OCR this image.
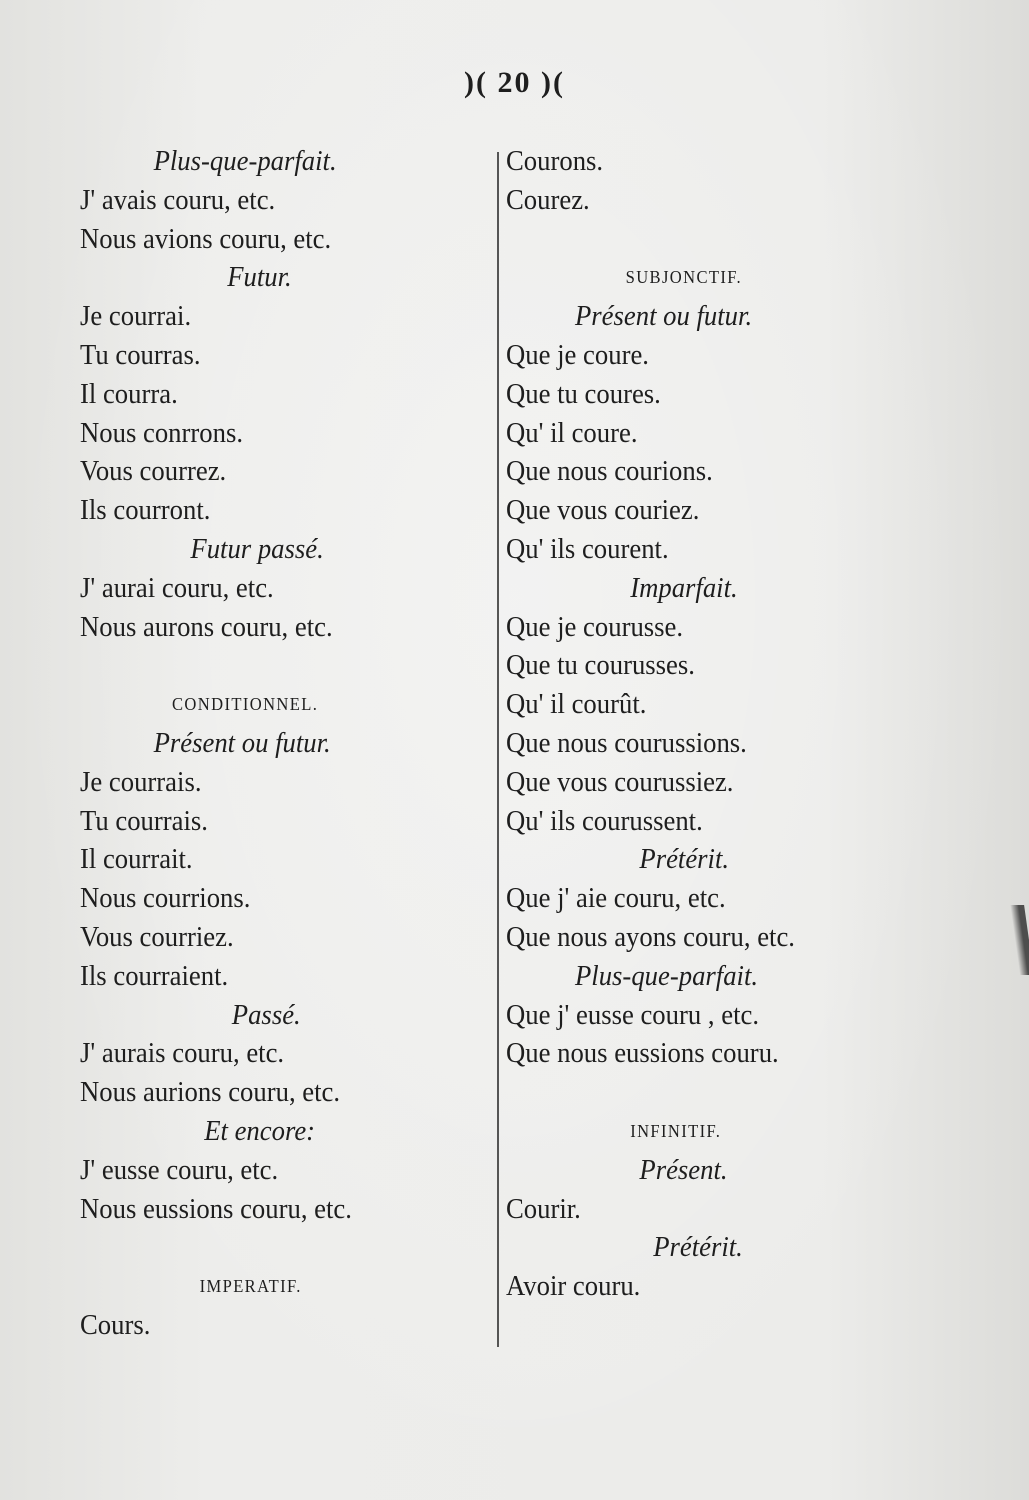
)( 20 )(
Plus-que-parfait.
J' avais couru, etc.
Nous avions couru, etc.
Futur.
Je courrai.
Tu courras.
Il courra.
Nous conrrons.
Vous courrez.
Ils courront.
Futur passé.
J' aurai couru, etc.
Nous aurons couru, etc.
CONDITIONNEL.
Présent ou futur.
Je courrais.
Tu courrais.
Il courrait.
Nous courrions.
Vous courriez.
Ils courraient.
Passé.
J' aurais couru, etc.
Nous aurions couru, etc.
Et encore:
J' eusse couru, etc.
Nous eussions couru, etc.
IMPERATIF.
Cours.
Courons.
Courez.
SUBJONCTIF.
Présent ou futur.
Que je coure.
Que tu coures.
Qu' il coure.
Que nous courions.
Que vous couriez.
Qu' ils courent.
Imparfait.
Que je courusse.
Que tu courusses.
Qu' il courût.
Que nous courussions.
Que vous courussiez.
Qu' ils courussent.
Prétérit.
Que j' aie couru, etc.
Que nous ayons couru, etc.
Plus-que-parfait.
Que j' eusse couru , etc.
Que nous eussions couru.
INFINITIF.
Présent.
Courir.
Prétérit.
Avoir couru.
